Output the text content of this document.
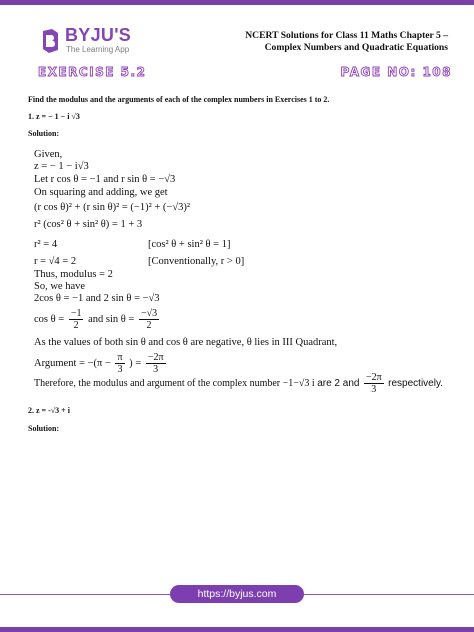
BYJU'S
The Learning App
NCERT Solutions for Class 11 Maths Chapter 5 –
Complex Numbers and Quadratic Equations
EXERCISE 5.2	PAGE NO: 108
Find the modulus and the arguments of each of the complex numbers in Exercises 1 to 2.
1. z = − 1 − i √3
Solution:
Given,
z = − 1 − i√3
Let r cos θ = −1 and r sin θ = −√3
On squaring and adding, we get
(r cos θ)² + (r sin θ)² = (−1)² + (−√3)²
r² (cos² θ + sin² θ) = 1 + 3
r² = 4	[cos² θ + sin² θ = 1]
r = √4 = 2	[Conventionally, r > 0]
Thus, modulus = 2
So, we have
2cos θ = −1 and 2 sin θ = −√3
$\cos \theta = \frac{-1}{2}$ and $\sin \theta = \frac{-√3}{2}$
As the values of both sin θ and cos θ are negative, θ lies in III Quadrant,
Argument = $-(\pi - \frac{\pi}{3}$ ) = $\frac{-2\pi}{3}$
Therefore, the modulus and argument of the complex number −1−√3 i are 2 and $\frac{-2\pi}{3}$ respectively.
2. z = -√3 + i
Solution:
https://byjus.com
